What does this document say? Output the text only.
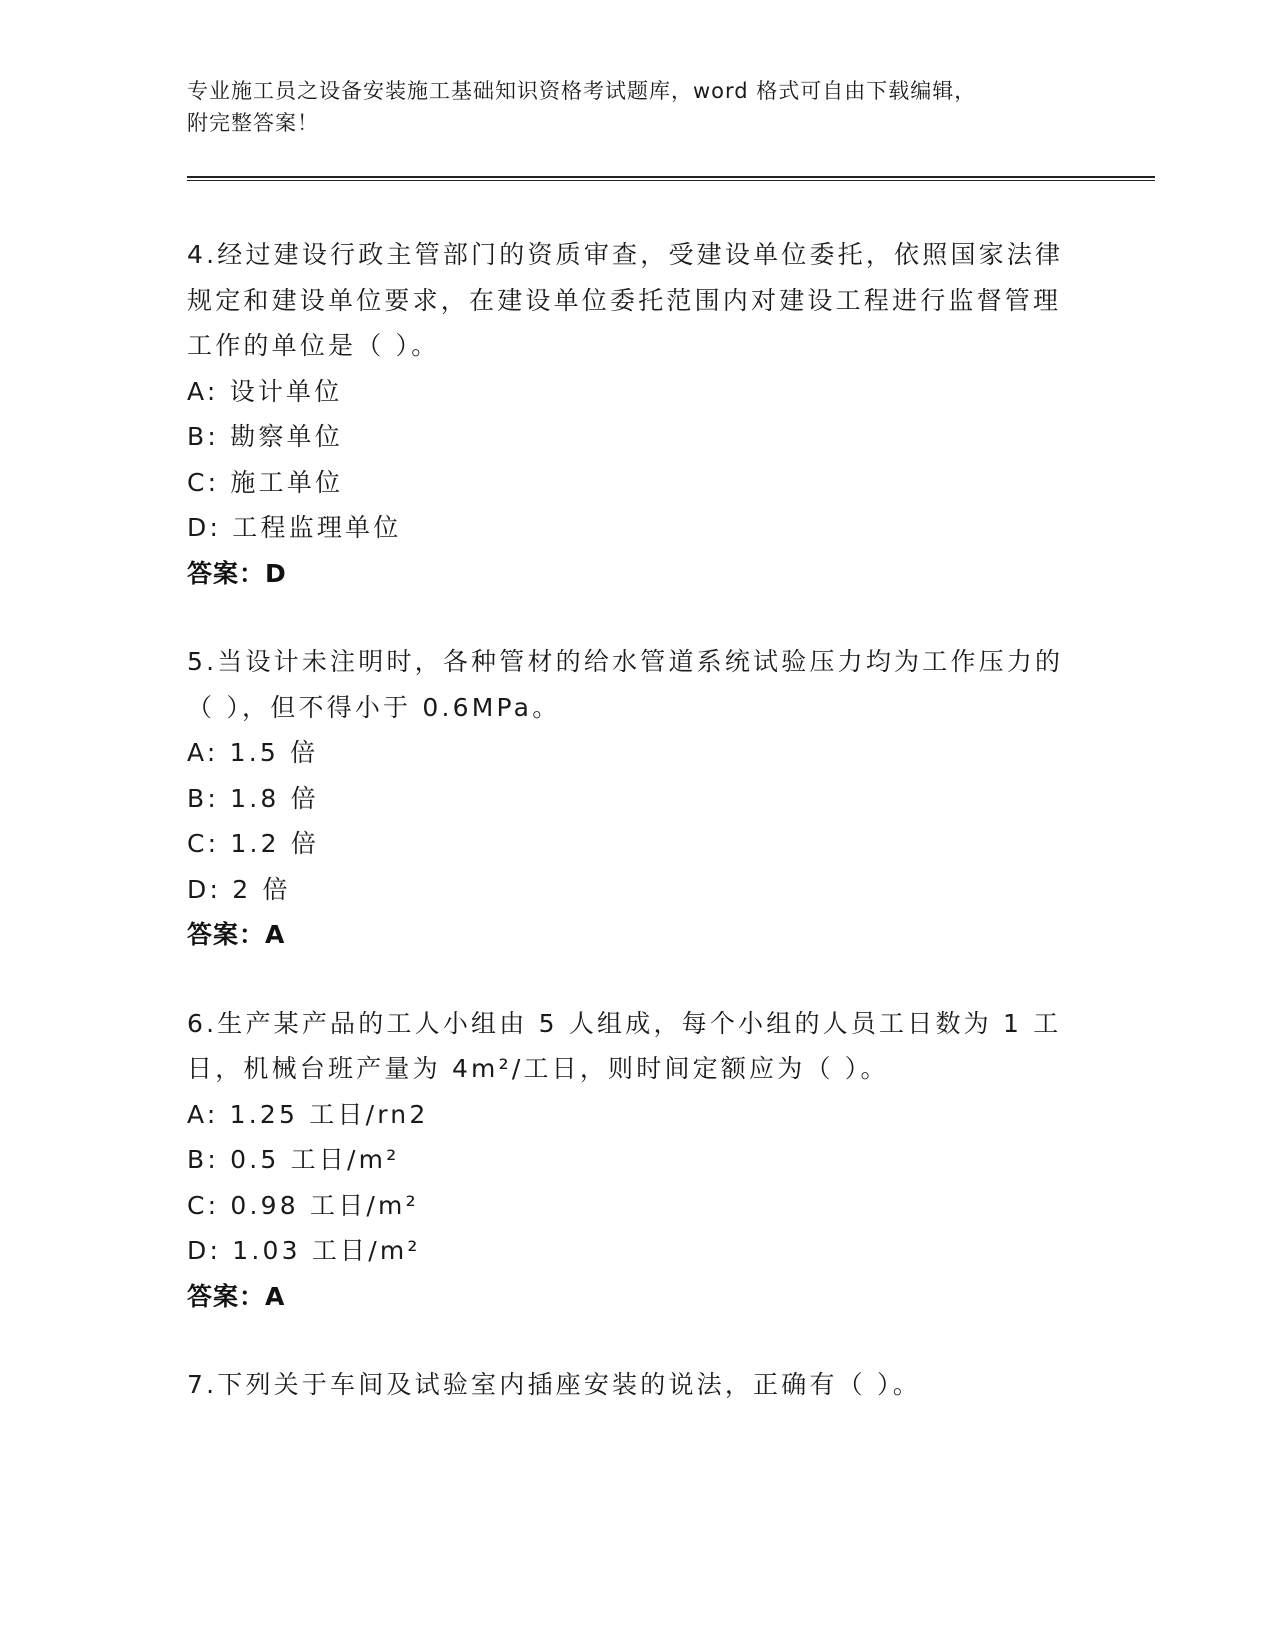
专业施工员之设备安装施工基础知识资格考试题库，word 格式可自由下载编辑，
附完整答案！

4.经过建设行政主管部门的资质审查，受建设单位委托，依照国家法律规定和建设单位要求，在建设单位委托范围内对建设工程进行监督管理工作的单位是（ ）。

A: 设计单位

B: 勘察单位

C: 施工单位

D: 工程监理单位

答案：D

5.当设计未注明时，各种管材的给水管道系统试验压力均为工作压力的（ ），但不得小于 0.6MPa。

A: 1.5 倍

B: 1.8 倍

C: 1.2 倍

D: 2 倍

答案：A

6.生产某产品的工人小组由 5 人组成，每个小组的人员工日数为 1 工日，机械台班产量为 4m²/工日，则时间定额应为（ ）。

A: 1.25 工日/rn2

B: 0.5 工日/m²

C: 0.98 工日/m²

D: 1.03 工日/m²

答案：A

7.下列关于车间及试验室内插座安装的说法，正确有（ ）。
